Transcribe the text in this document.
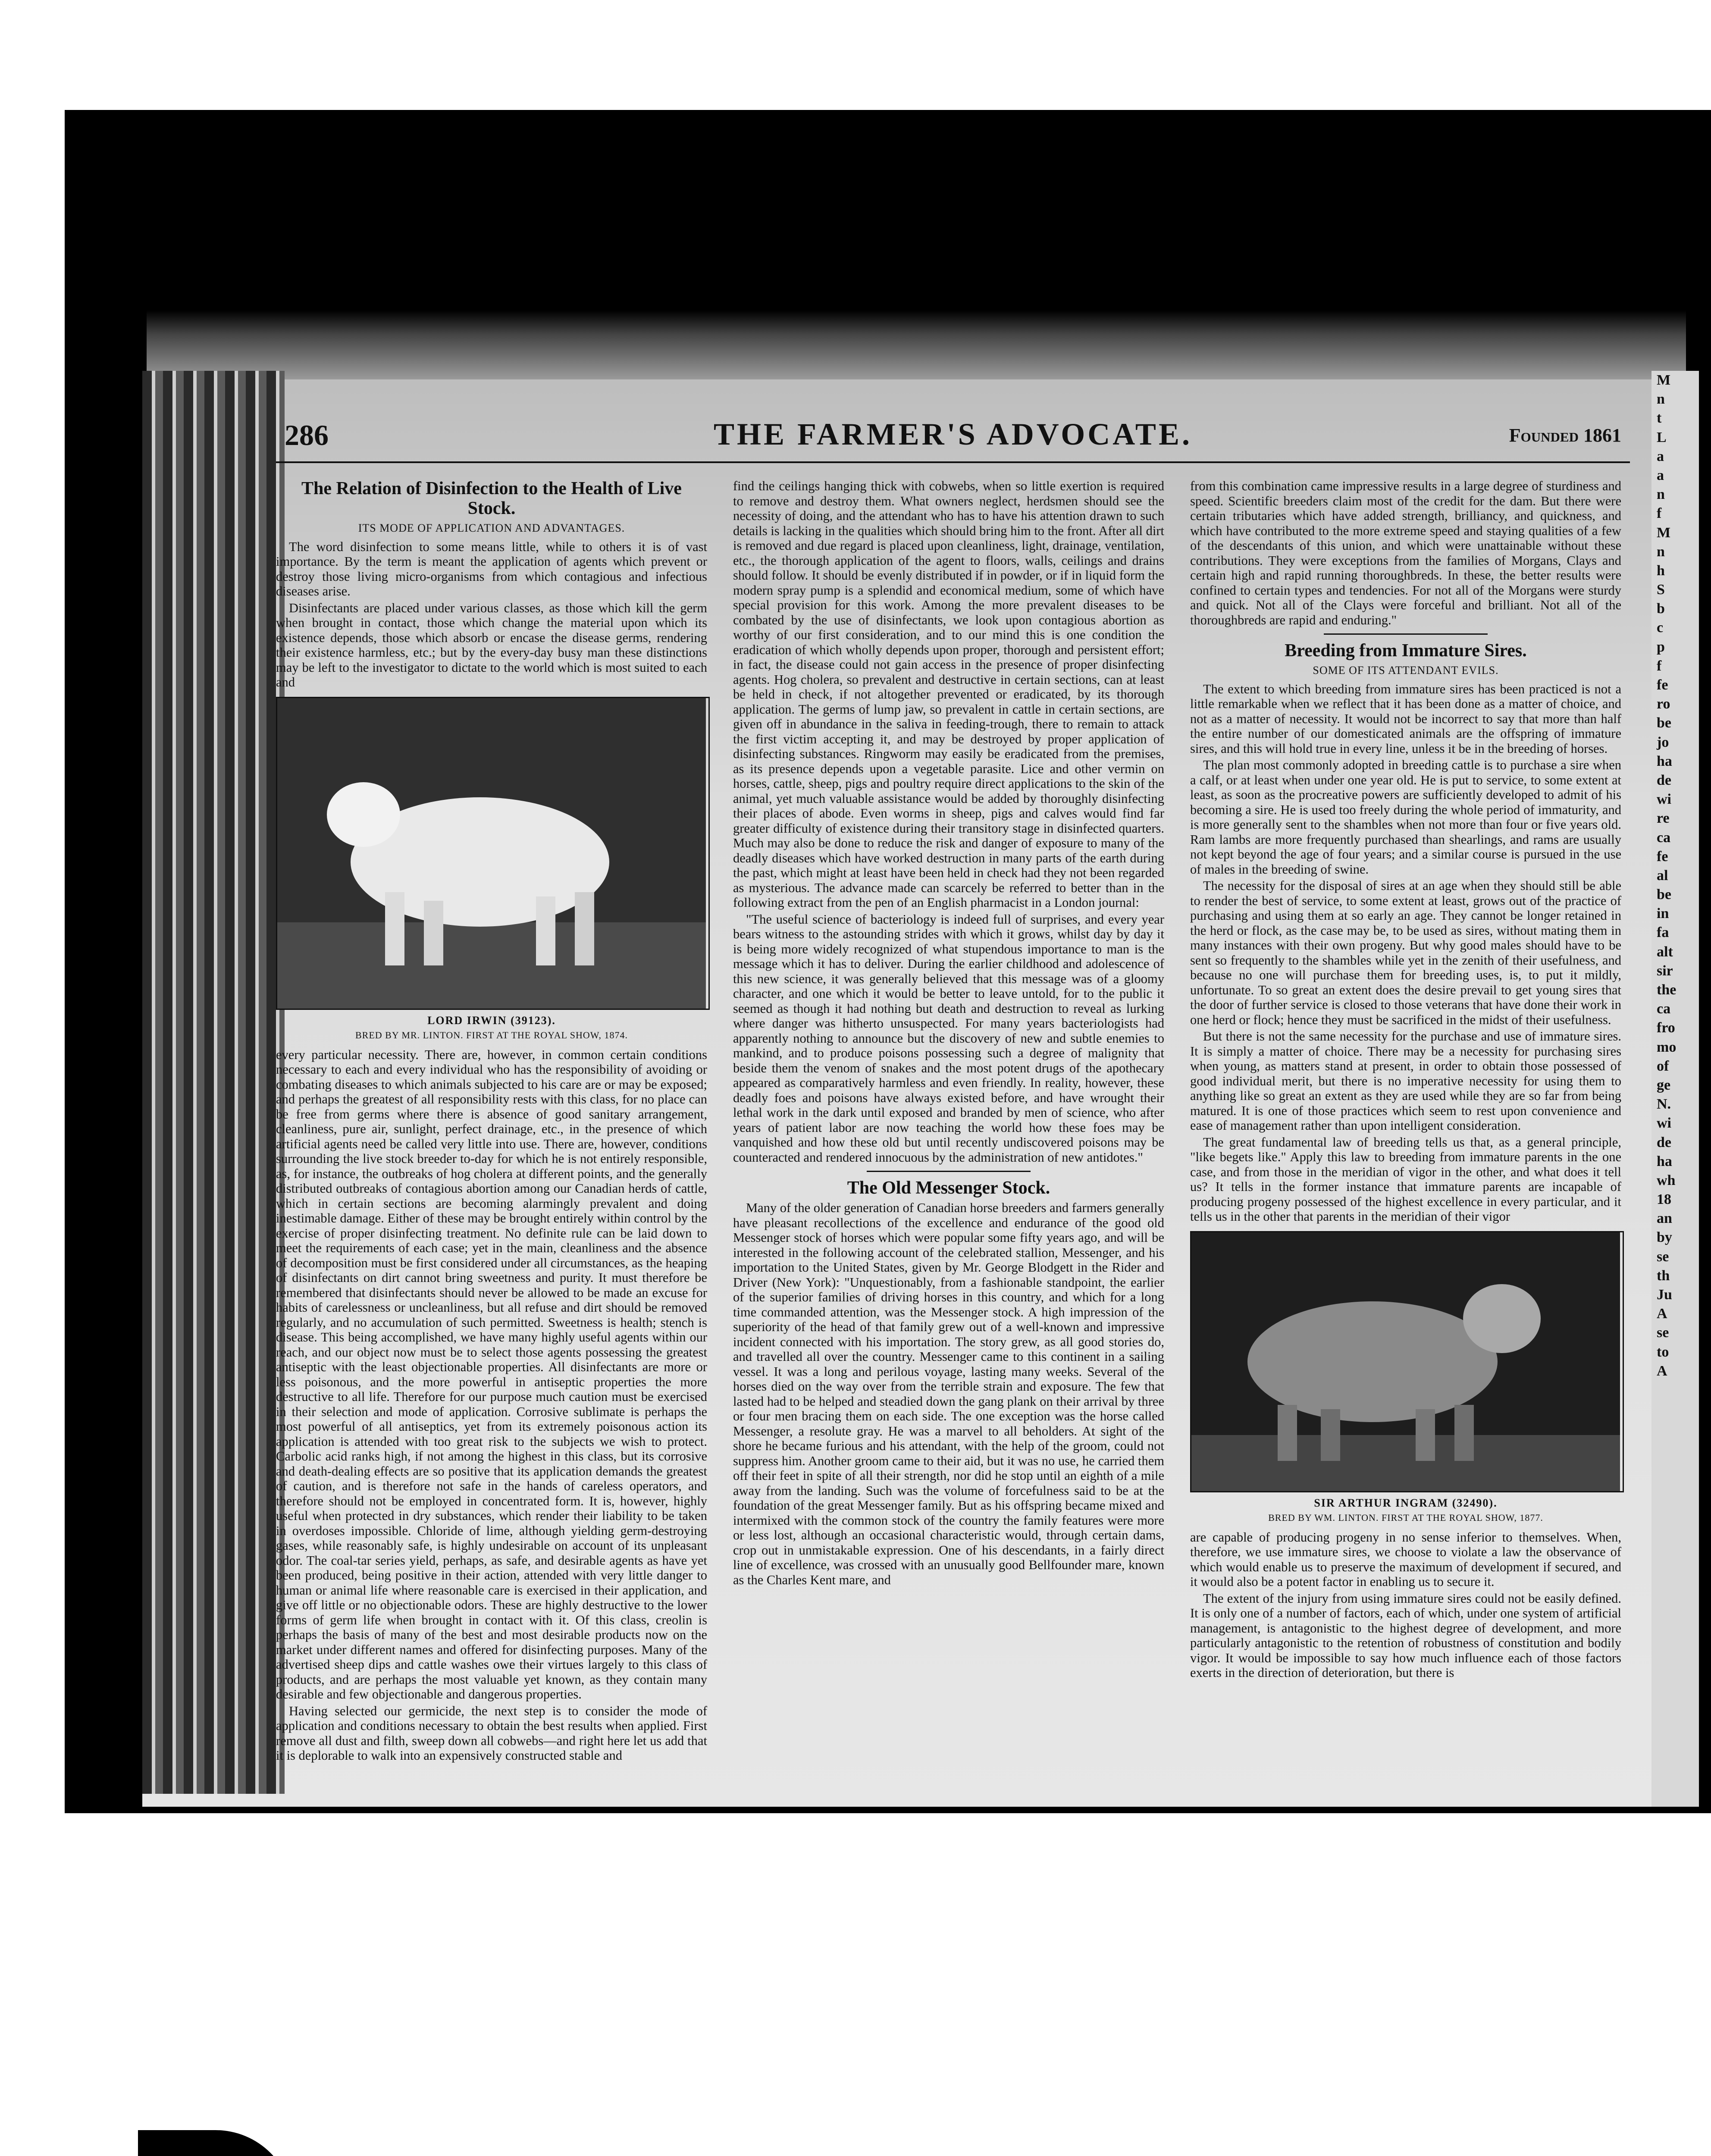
M
n
t
L
a
a
n
f
M
n
h
S
b
c
p
f
fe
ro
be
jo
ha
de
wi
re
ca
fe
al
be
in
fa
alt
sir
the
ca
fro
mo
of
ge
N.
wi
de
ha
wh
18
an
by
se
th
Ju
A
se
to
A
286	THE FARMER'S ADVOCATE.	Founded 1861
The Relation of Disinfection to the Health of Live Stock.
ITS MODE OF APPLICATION AND ADVANTAGES.

The word disinfection to some means little, while to others it is of vast importance. By the term is meant the application of agents which prevent or destroy those living micro-organisms from which contagious and infectious diseases arise.

Disinfectants are placed under various classes, as those which kill the germ when brought in contact, those which change the material upon which its existence depends, those which absorb or encase the disease germs, rendering their existence harmless, etc.; but by the every-day busy man these distinctions may be left to the investigator to dictate to the world which is most suited to each and

LORD IRWIN (39123).
BRED BY MR. LINTON. FIRST AT THE ROYAL SHOW, 1874.

every particular necessity. There are, however, in common certain conditions necessary to each and every individual who has the responsibility of avoiding or combating diseases to which animals subjected to his care are or may be exposed; and perhaps the greatest of all responsibility rests with this class, for no place can be free from germs where there is absence of good sanitary arrangement, cleanliness, pure air, sunlight, perfect drainage, etc., in the presence of which artificial agents need be called very little into use. There are, however, conditions surrounding the live stock breeder to-day for which he is not entirely responsible, as, for instance, the outbreaks of hog cholera at different points, and the generally distributed outbreaks of contagious abortion among our Canadian herds of cattle, which in certain sections are becoming alarmingly prevalent and doing inestimable damage. Either of these may be brought entirely within control by the exercise of proper disinfecting treatment. No definite rule can be laid down to meet the requirements of each case; yet in the main, cleanliness and the absence of decomposition must be first considered under all circumstances, as the heaping of disinfectants on dirt cannot bring sweetness and purity. It must therefore be remembered that disinfectants should never be allowed to be made an excuse for habits of carelessness or uncleanliness, but all refuse and dirt should be removed regularly, and no accumulation of such permitted. Sweetness is health; stench is disease. This being accomplished, we have many highly useful agents within our reach, and our object now must be to select those agents possessing the greatest antiseptic with the least objectionable properties. All disinfectants are more or less poisonous, and the more powerful in antiseptic properties the more destructive to all life. Therefore for our purpose much caution must be exercised in their selection and mode of application. Corrosive sublimate is perhaps the most powerful of all antiseptics, yet from its extremely poisonous action its application is attended with too great risk to the subjects we wish to protect. Carbolic acid ranks high, if not among the highest in this class, but its corrosive and death-dealing effects are so positive that its application demands the greatest of caution, and is therefore not safe in the hands of careless operators, and therefore should not be employed in concentrated form. It is, however, highly useful when protected in dry substances, which render their liability to be taken in overdoses impossible. Chloride of lime, although yielding germ-destroying gases, while reasonably safe, is highly undesirable on account of its unpleasant odor. The coal-tar series yield, perhaps, as safe, and desirable agents as have yet been produced, being positive in their action, attended with very little danger to human or animal life where reasonable care is exercised in their application, and give off little or no objectionable odors. These are highly destructive to the lower forms of germ life when brought in contact with it. Of this class, creolin is perhaps the basis of many of the best and most desirable products now on the market under different names and offered for disinfecting purposes. Many of the advertised sheep dips and cattle washes owe their virtues largely to this class of products, and are perhaps the most valuable yet known, as they contain many desirable and few objectionable and dangerous properties.

Having selected our germicide, the next step is to consider the mode of application and conditions necessary to obtain the best results when applied. First remove all dust and filth, sweep down all cobwebs—and right here let us add that it is deplorable to walk into an expensively constructed stable and

find the ceilings hanging thick with cobwebs, when so little exertion is required to remove and destroy them. What owners neglect, herdsmen should see the necessity of doing, and the attendant who has to have his attention drawn to such details is lacking in the qualities which should bring him to the front. After all dirt is removed and due regard is placed upon cleanliness, light, drainage, ventilation, etc., the thorough application of the agent to floors, walls, ceilings and drains should follow. It should be evenly distributed if in powder, or if in liquid form the modern spray pump is a splendid and economical medium, some of which have special provision for this work. Among the more prevalent diseases to be combated by the use of disinfectants, we look upon contagious abortion as worthy of our first consideration, and to our mind this is one condition the eradication of which wholly depends upon proper, thorough and persistent effort; in fact, the disease could not gain access in the presence of proper disinfecting agents. Hog cholera, so prevalent and destructive in certain sections, can at least be held in check, if not altogether prevented or eradicated, by its thorough application. The germs of lump jaw, so prevalent in cattle in certain sections, are given off in abundance in the saliva in feeding-trough, there to remain to attack the first victim accepting it, and may be destroyed by proper application of disinfecting substances. Ringworm may easily be eradicated from the premises, as its presence depends upon a vegetable parasite. Lice and other vermin on horses, cattle, sheep, pigs and poultry require direct applications to the skin of the animal, yet much valuable assistance would be added by thoroughly disinfecting their places of abode. Even worms in sheep, pigs and calves would find far greater difficulty of existence during their transitory stage in disinfected quarters. Much may also be done to reduce the risk and danger of exposure to many of the deadly diseases which have worked destruction in many parts of the earth during the past, which might at least have been held in check had they not been regarded as mysterious. The advance made can scarcely be referred to better than in the following extract from the pen of an English pharmacist in a London journal:

"The useful science of bacteriology is indeed full of surprises, and every year bears witness to the astounding strides with which it grows, whilst day by day it is being more widely recognized of what stupendous importance to man is the message which it has to deliver. During the earlier childhood and adolescence of this new science, it was generally believed that this message was of a gloomy character, and one which it would be better to leave untold, for to the public it seemed as though it had nothing but death and destruction to reveal as lurking where danger was hitherto unsuspected. For many years bacteriologists had apparently nothing to announce but the discovery of new and subtle enemies to mankind, and to produce poisons possessing such a degree of malignity that beside them the venom of snakes and the most potent drugs of the apothecary appeared as comparatively harmless and even friendly. In reality, however, these deadly foes and poisons have always existed before, and have wrought their lethal work in the dark until exposed and branded by men of science, who after years of patient labor are now teaching the world how these foes may be vanquished and how these old but until recently undiscovered poisons may be counteracted and rendered innocuous by the administration of new antidotes."

The Old Messenger Stock.

Many of the older generation of Canadian horse breeders and farmers generally have pleasant recollections of the excellence and endurance of the good old Messenger stock of horses which were popular some fifty years ago, and will be interested in the following account of the celebrated stallion, Messenger, and his importation to the United States, given by Mr. George Blodgett in the Rider and Driver (New York): "Unquestionably, from a fashionable standpoint, the earlier of the superior families of driving horses in this country, and which for a long time commanded attention, was the Messenger stock. A high impression of the superiority of the head of that family grew out of a well-known and impressive incident connected with his importation. The story grew, as all good stories do, and travelled all over the country. Messenger came to this continent in a sailing vessel. It was a long and perilous voyage, lasting many weeks. Several of the horses died on the way over from the terrible strain and exposure. The few that lasted had to be helped and steadied down the gang plank on their arrival by three or four men bracing them on each side. The one exception was the horse called Messenger, a resolute gray. He was a marvel to all beholders. At sight of the shore he became furious and his attendant, with the help of the groom, could not suppress him. Another groom came to their aid, but it was no use, he carried them off their feet in spite of all their strength, nor did he stop until an eighth of a mile away from the landing. Such was the volume of forcefulness said to be at the foundation of the great Messenger family. But as his offspring became mixed and intermixed with the common stock of the country the family features were more or less lost, although an occasional characteristic would, through certain dams, crop out in unmistakable expression. One of his descendants, in a fairly direct line of excellence, was crossed with an unusually good Bellfounder mare, known as the Charles Kent mare, and

from this combination came impressive results in a large degree of sturdiness and speed. Scientific breeders claim most of the credit for the dam. But there were certain tributaries which have added strength, brilliancy, and quickness, and which have contributed to the more extreme speed and staying qualities of a few of the descendants of this union, and which were unattainable without these contributions. They were exceptions from the families of Morgans, Clays and certain high and rapid running thoroughbreds. In these, the better results were confined to certain types and tendencies. For not all of the Morgans were sturdy and quick. Not all of the Clays were forceful and brilliant. Not all of the thoroughbreds are rapid and enduring."

Breeding from Immature Sires.
SOME OF ITS ATTENDANT EVILS.

The extent to which breeding from immature sires has been practiced is not a little remarkable when we reflect that it has been done as a matter of choice, and not as a matter of necessity. It would not be incorrect to say that more than half the entire number of our domesticated animals are the offspring of immature sires, and this will hold true in every line, unless it be in the breeding of horses.

The plan most commonly adopted in breeding cattle is to purchase a sire when a calf, or at least when under one year old. He is put to service, to some extent at least, as soon as the procreative powers are sufficiently developed to admit of his becoming a sire. He is used too freely during the whole period of immaturity, and is more generally sent to the shambles when not more than four or five years old. Ram lambs are more frequently purchased than shearlings, and rams are usually not kept beyond the age of four years; and a similar course is pursued in the use of males in the breeding of swine.

The necessity for the disposal of sires at an age when they should still be able to render the best of service, to some extent at least, grows out of the practice of purchasing and using them at so early an age. They cannot be longer retained in the herd or flock, as the case may be, to be used as sires, without mating them in many instances with their own progeny. But why good males should have to be sent so frequently to the shambles while yet in the zenith of their usefulness, and because no one will purchase them for breeding uses, is, to put it mildly, unfortunate. To so great an extent does the desire prevail to get young sires that the door of further service is closed to those veterans that have done their work in one herd or flock; hence they must be sacrificed in the midst of their usefulness.

But there is not the same necessity for the purchase and use of immature sires. It is simply a matter of choice. There may be a necessity for purchasing sires when young, as matters stand at present, in order to obtain those possessed of good individual merit, but there is no imperative necessity for using them to anything like so great an extent as they are used while they are so far from being matured. It is one of those practices which seem to rest upon convenience and ease of management rather than upon intelligent consideration.

The great fundamental law of breeding tells us that, as a general principle, "like begets like." Apply this law to breeding from immature parents in the one case, and from those in the meridian of vigor in the other, and what does it tell us? It tells in the former instance that immature parents are incapable of producing progeny possessed of the highest excellence in every particular, and it tells us in the other that parents in the meridian of their vigor

SIR ARTHUR INGRAM (32490).
BRED BY WM. LINTON. FIRST AT THE ROYAL SHOW, 1877.

are capable of producing progeny in no sense inferior to themselves. When, therefore, we use immature sires, we choose to violate a law the observance of which would enable us to preserve the maximum of development if secured, and it would also be a potent factor in enabling us to secure it.

The extent of the injury from using immature sires could not be easily defined. It is only one of a number of factors, each of which, under one system of artificial management, is antagonistic to the highest degree of development, and more particularly antagonistic to the retention of robustness of constitution and bodily vigor. It would be impossible to say how much influence each of those factors exerts in the direction of deterioration, but there is
